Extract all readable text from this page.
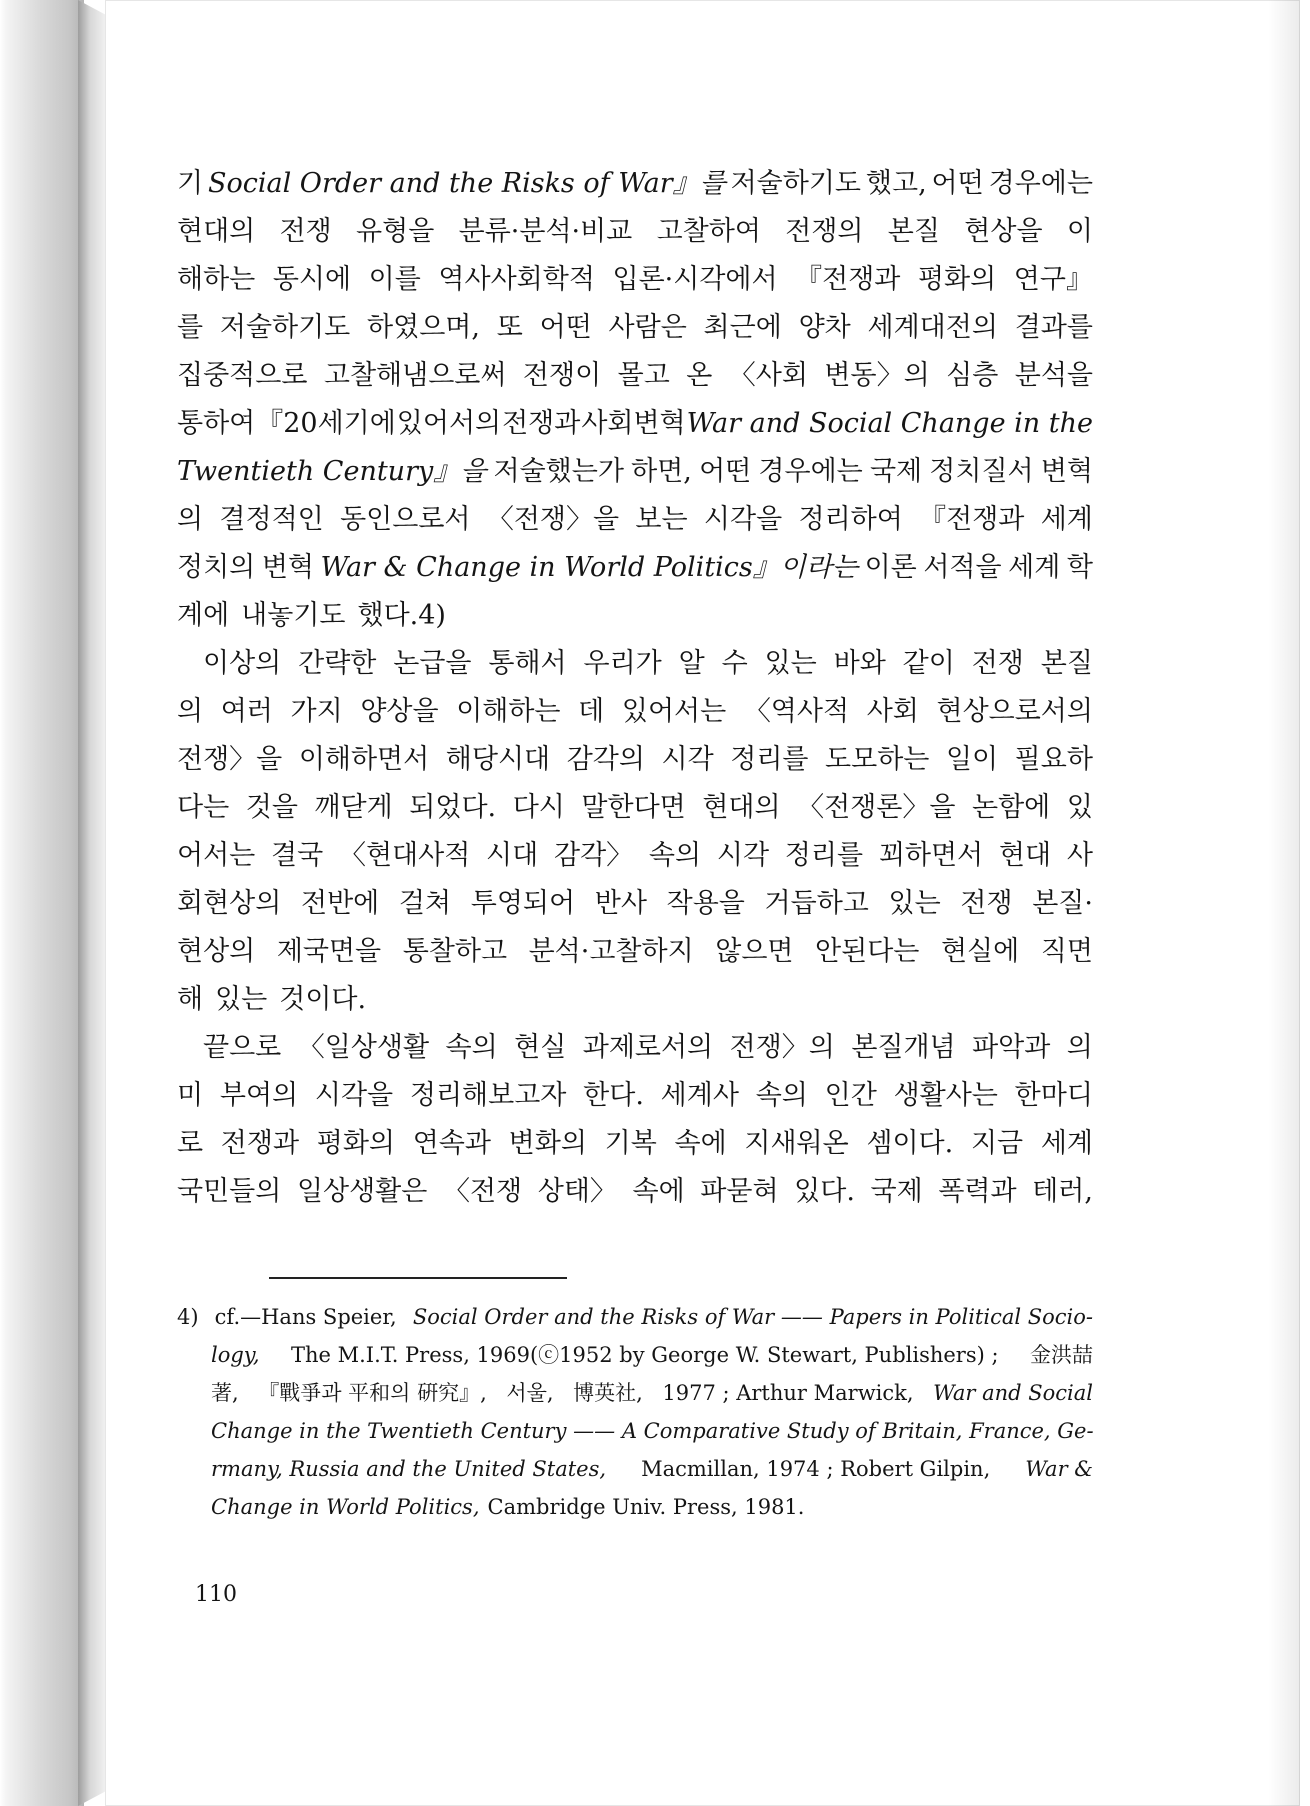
기 Social Order and the Risks of War』를 저술하기도 했고, 어떤 경우에는
현대의 전쟁 유형을 분류·분석·비교 고찰하여 전쟁의 본질 현상을 이
해하는 동시에 이를 역사사회학적 입론·시각에서 『전쟁과 평화의 연구』
를 저술하기도 하였으며, 또 어떤 사람은 최근에 양차 세계대전의 결과를
집중적으로 고찰해냄으로써 전쟁이 몰고 온 〈사회 변동〉의 심층 분석을
통하여 『20세기에 있어서의 전쟁과 사회변혁 War and Social Change in the
Twentieth Century』을 저술했는가 하면, 어떤 경우에는 국제 정치질서 변혁
의 결정적인 동인으로서 〈전쟁〉을 보는 시각을 정리하여 『전쟁과 세계
정치의 변혁 War & Change in World Politics』이라는 이론 서적을 세계 학
계에 내놓기도 했다.4)
이상의 간략한 논급을 통해서 우리가 알 수 있는 바와 같이 전쟁 본질
의 여러 가지 양상을 이해하는 데 있어서는 〈역사적 사회 현상으로서의
전쟁〉을 이해하면서 해당시대 감각의 시각 정리를 도모하는 일이 필요하
다는 것을 깨닫게 되었다. 다시 말한다면 현대의 〈전쟁론〉을 논함에 있
어서는 결국 〈현대사적 시대 감각〉 속의 시각 정리를 꾀하면서 현대 사
회현상의 전반에 걸쳐 투영되어 반사 작용을 거듭하고 있는 전쟁 본질·
현상의 제국면을 통찰하고 분석·고찰하지 않으면 안된다는 현실에 직면
해 있는 것이다.
끝으로 〈일상생활 속의 현실 과제로서의 전쟁〉의 본질개념 파악과 의
미 부여의 시각을 정리해보고자 한다. 세계사 속의 인간 생활사는 한마디
로 전쟁과 평화의 연속과 변화의 기복 속에 지새워온 셈이다. 지금 세계
국민들의 일상생활은 〈전쟁 상태〉 속에 파묻혀 있다. 국제 폭력과 테러,
4) cf.—Hans Speier, Social Order and the Risks of War —— Papers in Political Socio-
logy, The M.I.T. Press, 1969(ⓒ1952 by George W. Stewart, Publishers) ; 金洪喆
著, 『戰爭과 平和의 硏究』, 서울, 博英社, 1977 ; Arthur Marwick, War and Social
Change in the Twentieth Century —— A Comparative Study of Britain, France, Ge-
rmany, Russia and the United States, Macmillan, 1974 ; Robert Gilpin, War &
Change in World Politics, Cambridge Univ. Press, 1981.
110
